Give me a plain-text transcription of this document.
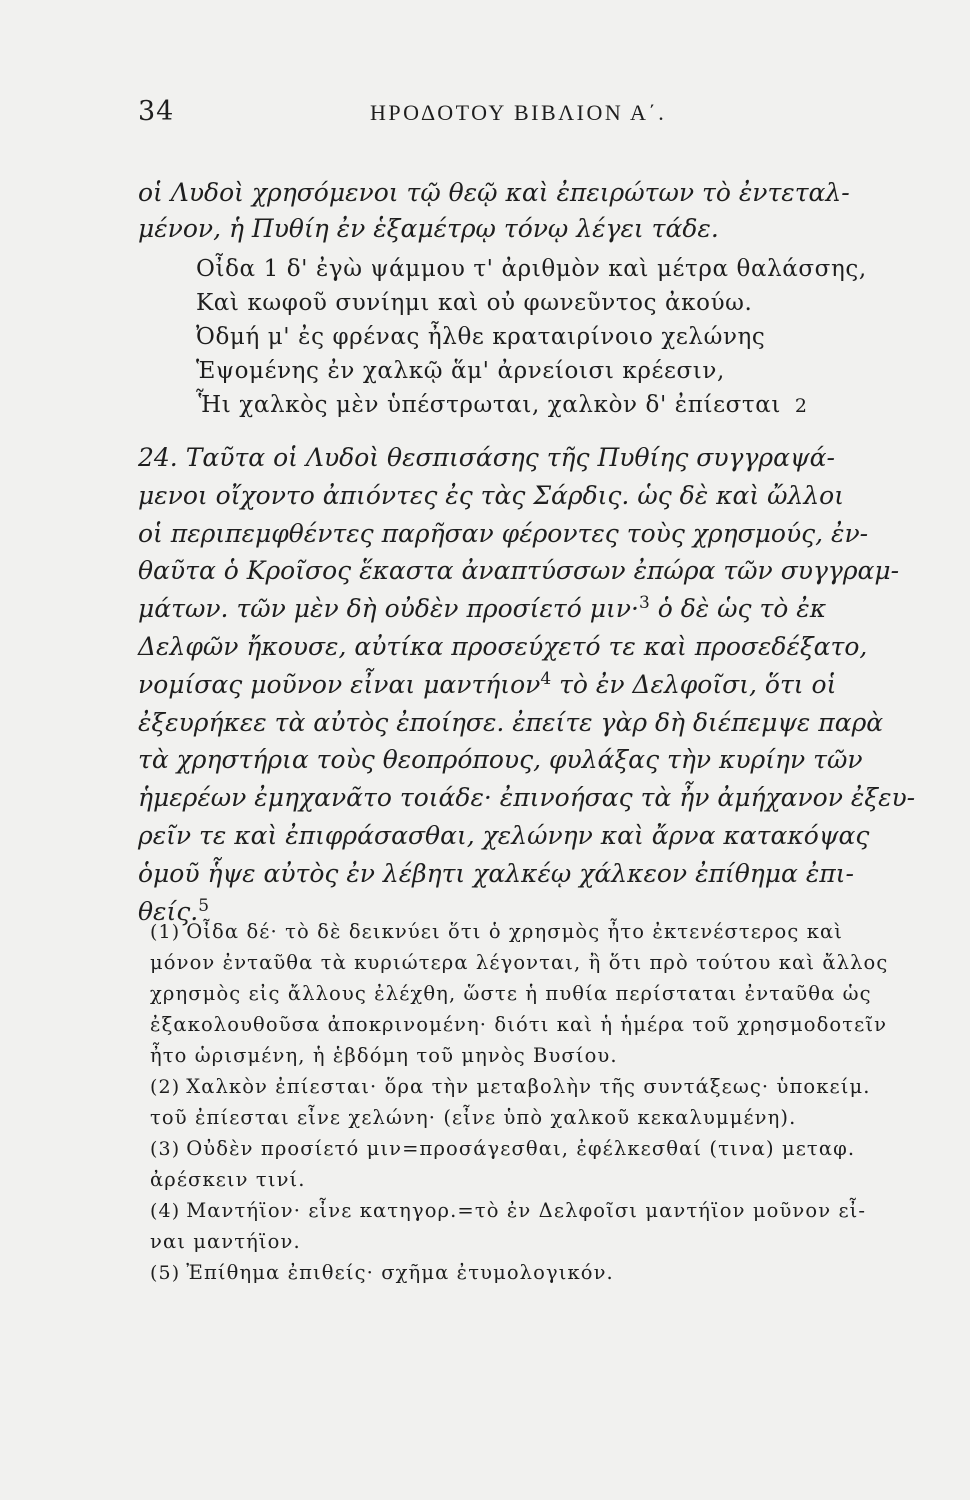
34	ΗΡΟΔΟΤΟΥ ΒΙΒΛΙΟΝ Α΄.
οἱ Λυδοὶ χρησόμενοι τῷ θεῷ καὶ ἐπειρώτων τὸ ἐντεταλ-
μένον, ἡ Πυθίη ἐν ἑξαμέτρῳ τόνῳ λέγει τάδε.
Οἶδα 1 δ' ἐγὼ ψάμμου τ' ἀριθμὸν καὶ μέτρα θαλάσσης,
Καὶ κωφοῦ συνίημι καὶ οὐ φωνεῦντος ἀκούω.
Ὀδμή μ' ἐς φρένας ἦλθε κραταιρίνοιο χελώνης
Ἑψομένης ἐν χαλκῷ ἅμ' ἀρνείοισι κρέεσιν,
Ἧι χαλκὸς μὲν ὑπέστρωται, χαλκὸν δ' ἐπίεσται 2
24. Ταῦτα οἱ Λυδοὶ θεσπισάσης τῆς Πυθίης συγγραψά-
μενοι οἴχοντο ἀπιόντες ἐς τὰς Σάρδις. ὡς δὲ καὶ ὤλλοι
οἱ περιπεμφθέντες παρῆσαν φέροντες τοὺς χρησμούς, ἐν-
θαῦτα ὁ Κροῖσος ἕκαστα ἀναπτύσσων ἐπώρα τῶν συγγραμ-
μάτων. τῶν μὲν δὴ οὐδὲν προσίετό μιν·$^3$ ὁ δὲ ὡς τὸ ἐκ
Δελφῶν ἤκουσε, αὐτίκα προσεύχετό τε καὶ προσεδέξατο,
νομίσας μοῦνον εἶναι μαντήιον$^4$ τὸ ἐν Δελφοῖσι, ὅτι οἱ
ἐξευρήκεε τὰ αὐτὸς ἐποίησε. ἐπείτε γὰρ δὴ διέπεμψε παρὰ
τὰ χρηστήρια τοὺς θεοπρόπους, φυλάξας τὴν κυρίην τῶν
ἡμερέων ἐμηχανᾶτο τοιάδε· ἐπινοήσας τὰ ἦν ἀμήχανον ἐξευ-
ρεῖν τε καὶ ἐπιφράσασθαι, χελώνην καὶ ἄρνα κατακόψας
ὁμοῦ ἧψε αὐτὸς ἐν λέβητι χαλκέῳ χάλκεον ἐπίθημα ἐπι-
θείς.$^5$
(1) Οἶδα δέ· τὸ δὲ δεικνύει ὅτι ὁ χρησμὸς ἦτο ἐκτενέστερος καὶ
μόνον ἐνταῦθα τὰ κυριώτερα λέγονται, ἢ ὅτι πρὸ τούτου καὶ ἄλλος
χρησμὸς εἰς ἄλλους ἐλέχθη, ὥστε ἡ πυθία περίσταται ἐνταῦθα ὡς
ἐξακολουθοῦσα ἀποκρινομένη· διότι καὶ ἡ ἡμέρα τοῦ χρησμοδοτεῖν
ἦτο ὡρισμένη, ἡ ἑβδόμη τοῦ μηνὸς Βυσίου.
(2) Χαλκὸν ἐπίεσται· ὅρα τὴν μεταβολὴν τῆς συντάξεως· ὑποκείμ.
τοῦ ἐπίεσται εἶνε χελώνη· (εἶνε ὑπὸ χαλκοῦ κεκαλυμμένη).
(3) Οὐδὲν προσίετό μιν=προσάγεσθαι, ἐφέλκεσθαί (τινα) μεταφ.
ἀρέσκειν τινί.
(4) Μαντήϊον· εἶνε κατηγορ.=τὸ ἐν Δελφοῖσι μαντήϊον μοῦνον εἶ-
ναι μαντήϊον.
(5) Ἐπίθημα ἐπιθείς· σχῆμα ἐτυμολογικόν.
